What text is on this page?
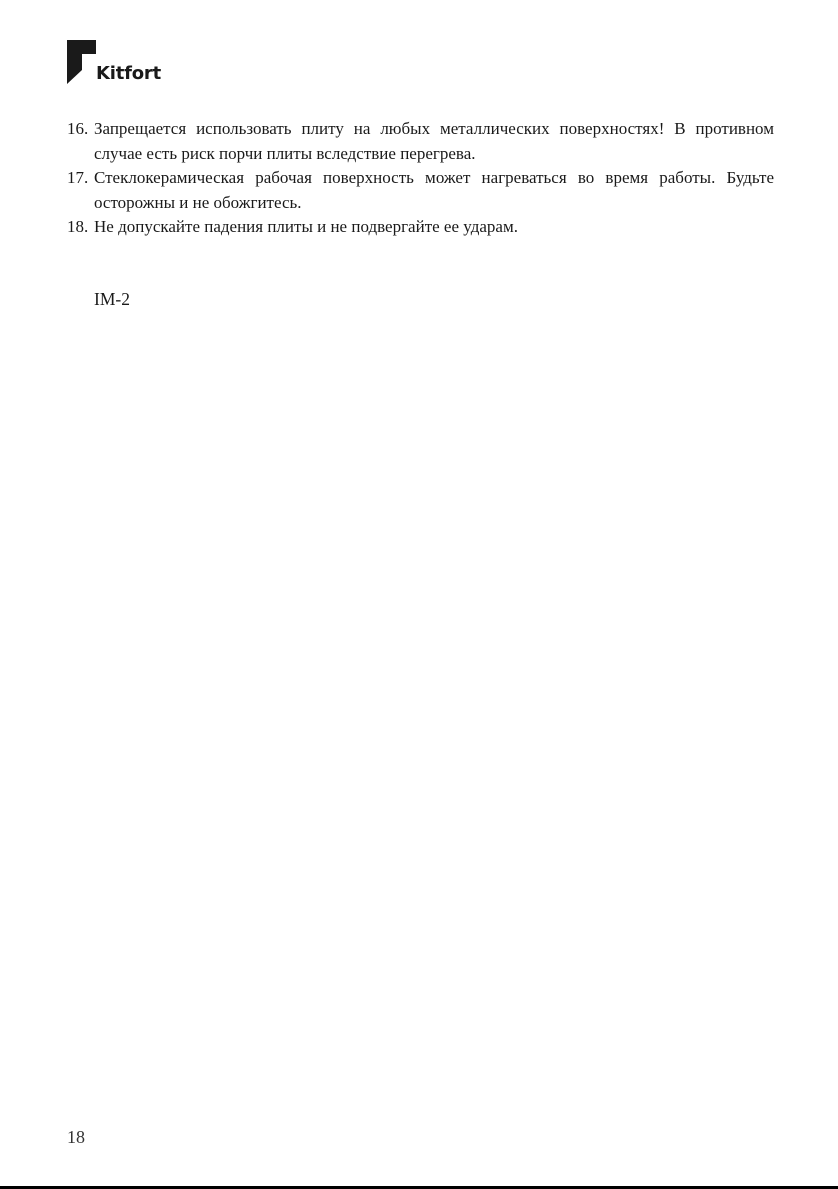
Kitfort
16. Запрещается использовать плиту на любых металлических поверхностях! В противном случае есть риск порчи плиты вследствие перегрева.
17. Стеклокерамическая рабочая поверхность может нагреваться во время работы. Будьте осторожны и не обожгитесь.
18. Не допускайте падения плиты и не подвергайте ее ударам.
IM-2
18
